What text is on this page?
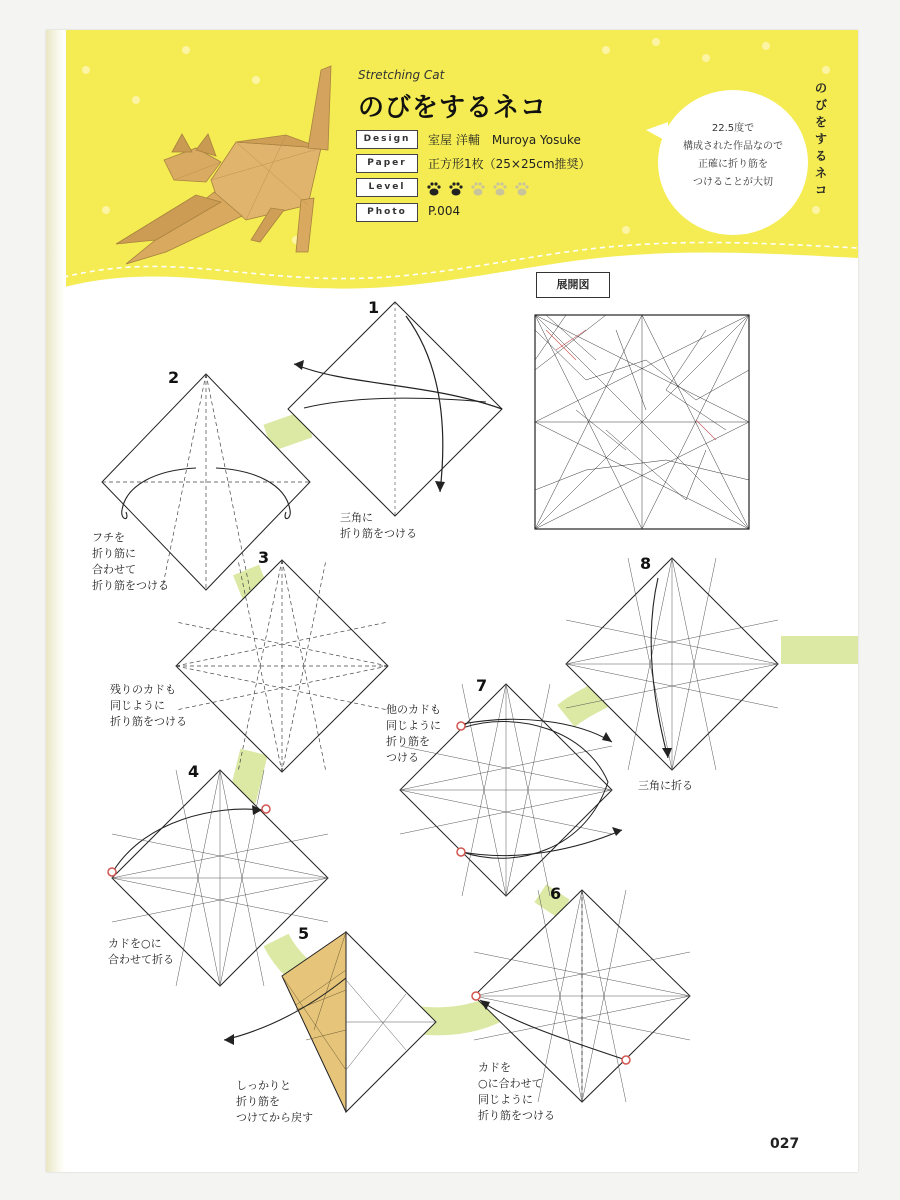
Stretching Cat
のびをするネコ
Design	室屋 洋輔　Muroya Yosuke
Paper	正方形1枚（25×25cm推奨）
Level
Photo	P.004
22.5度で
構成された作品なので
正確に折り筋を
つけることが大切
のびをするネコ
展開図
1
2
3
4
5
6
7
8
三角に
折り筋をつける
フチを
折り筋に
合わせて
折り筋をつける
残りのカドも
同じように
折り筋をつける
カドを○に
合わせて折る
しっかりと
折り筋を
つけてから戻す
カドを
○に合わせて
同じように
折り筋をつける
他のカドも
同じように
折り筋を
つける
三角に折る
027
